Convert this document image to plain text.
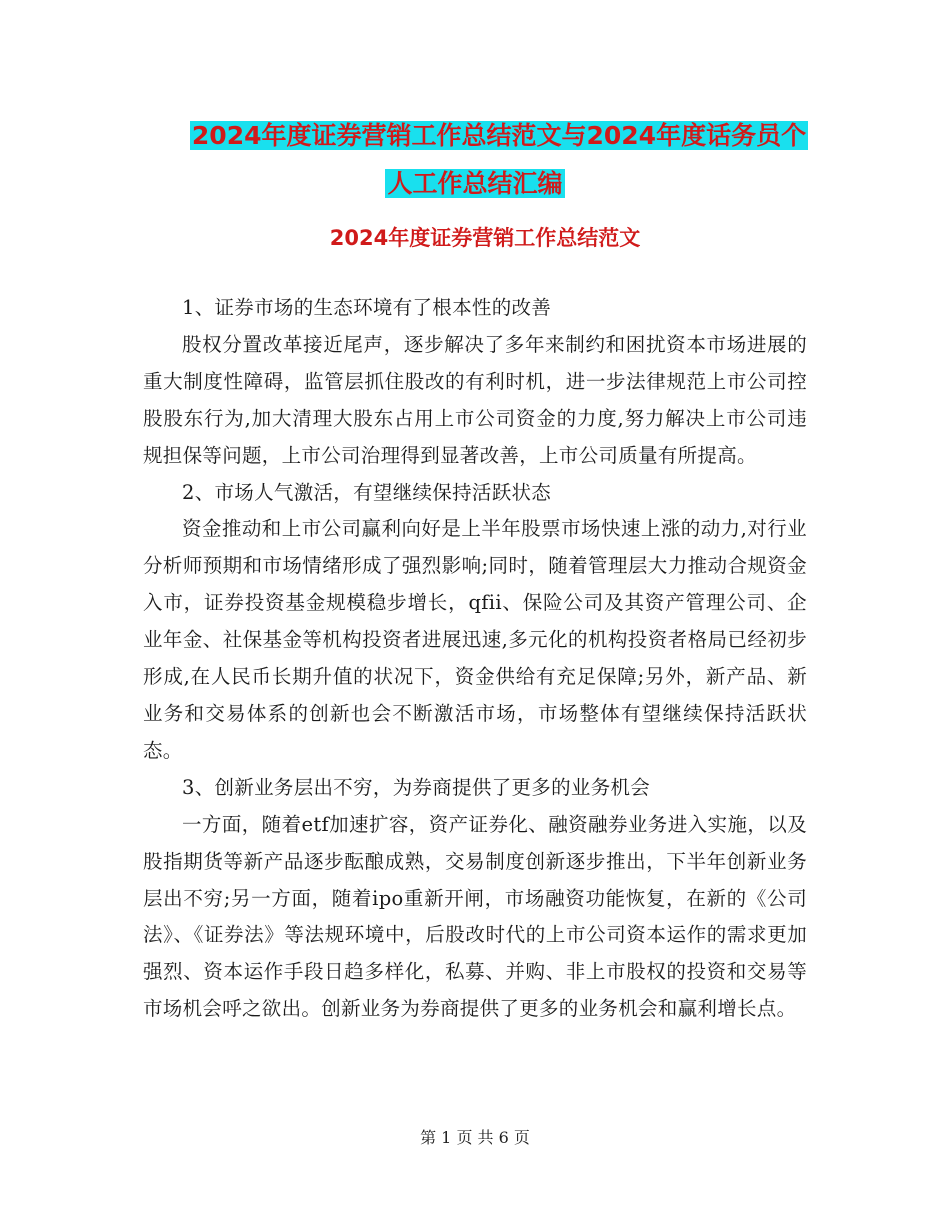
2024年度证券营销工作总结范文与2024年度话务员个
人工作总结汇编
2024年度证券营销工作总结范文

1、证券市场的生态环境有了根本性的改善

股权分置改革接近尾声，逐步解决了多年来制约和困扰资本市场进展的重大制度性障碍，监管层抓住股改的有利时机，进一步法律规范上市公司控股股东行为,加大清理大股东占用上市公司资金的力度,努力解决上市公司违规担保等问题，上市公司治理得到显著改善，上市公司质量有所提高。

2、市场人气激活，有望继续保持活跃状态

资金推动和上市公司赢利向好是上半年股票市场快速上涨的动力,对行业分析师预期和市场情绪形成了强烈影响;同时，随着管理层大力推动合规资金入市，证券投资基金规模稳步增长，qfii、保险公司及其资产管理公司、企业年金、社保基金等机构投资者进展迅速,多元化的机构投资者格局已经初步形成,在人民币长期升值的状况下，资金供给有充足保障;另外，新产品、新业务和交易体系的创新也会不断激活市场，市场整体有望继续保持活跃状态。

3、创新业务层出不穷，为券商提供了更多的业务机会

一方面，随着etf加速扩容，资产证券化、融资融券业务进入实施，以及股指期货等新产品逐步酝酿成熟，交易制度创新逐步推出，下半年创新业务层出不穷;另一方面，随着ipo重新开闸，市场融资功能恢复，在新的《公司法》、《证券法》等法规环境中，后股改时代的上市公司资本运作的需求更加强烈、资本运作手段日趋多样化，私募、并购、非上市股权的投资和交易等市场机会呼之欲出。创新业务为券商提供了更多的业务机会和赢利增长点。

第 1 页 共 6 页
